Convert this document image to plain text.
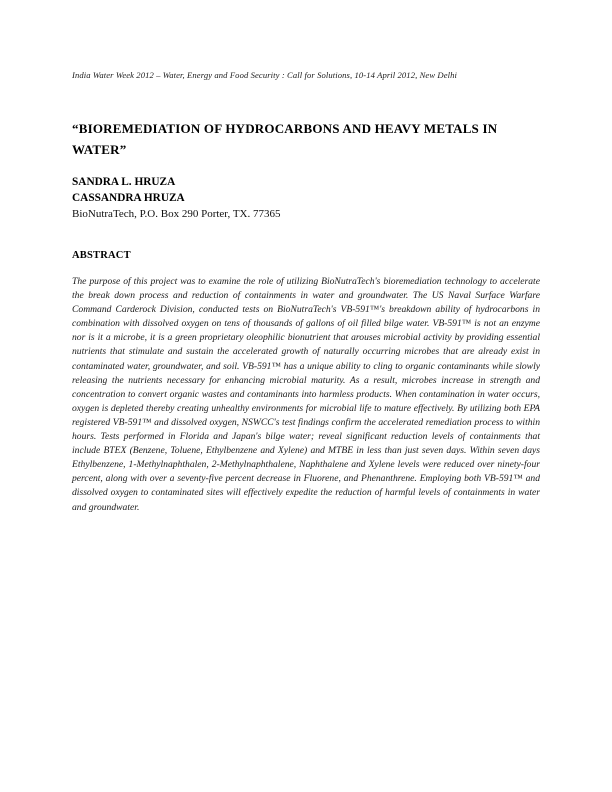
India Water Week 2012 – Water, Energy and Food Security : Call for Solutions, 10-14 April 2012, New Delhi
“BIOREMEDIATION OF HYDROCARBONS AND HEAVY METALS IN WATER”
SANDRA L. HRUZA
CASSANDRA HRUZA
BioNutraTech, P.O. Box 290 Porter, TX. 77365
ABSTRACT

The purpose of this project was to examine the role of utilizing BioNutraTech's bioremediation technology to accelerate the break down process and reduction of containments in water and groundwater. The US Naval Surface Warfare Command Carderock Division, conducted tests on BioNutraTech's VB-591™'s breakdown ability of hydrocarbons in combination with dissolved oxygen on tens of thousands of gallons of oil filled bilge water. VB-591™ is not an enzyme nor is it a microbe, it is a green proprietary oleophilic bionutrient that arouses microbial activity by providing essential nutrients that stimulate and sustain the accelerated growth of naturally occurring microbes that are already exist in contaminated water, groundwater, and soil. VB-591™ has a unique ability to cling to organic contaminants while slowly releasing the nutrients necessary for enhancing microbial maturity. As a result, microbes increase in strength and concentration to convert organic wastes and contaminants into harmless products. When contamination in water occurs, oxygen is depleted thereby creating unhealthy environments for microbial life to mature effectively. By utilizing both EPA registered VB-591™ and dissolved oxygen, NSWCC's test findings confirm the accelerated remediation process to within hours. Tests performed in Florida and Japan's bilge water; reveal significant reduction levels of containments that include BTEX (Benzene, Toluene, Ethylbenzene and Xylene) and MTBE in less than just seven days. Within seven days Ethylbenzene, 1-Methylnaphthalen, 2-Methylnaphthalene, Naphthalene and Xylene levels were reduced over ninety-four percent, along with over a seventy-five percent decrease in Fluorene, and Phenanthrene. Employing both VB-591™ and dissolved oxygen to contaminated sites will effectively expedite the reduction of harmful levels of containments in water and groundwater.
